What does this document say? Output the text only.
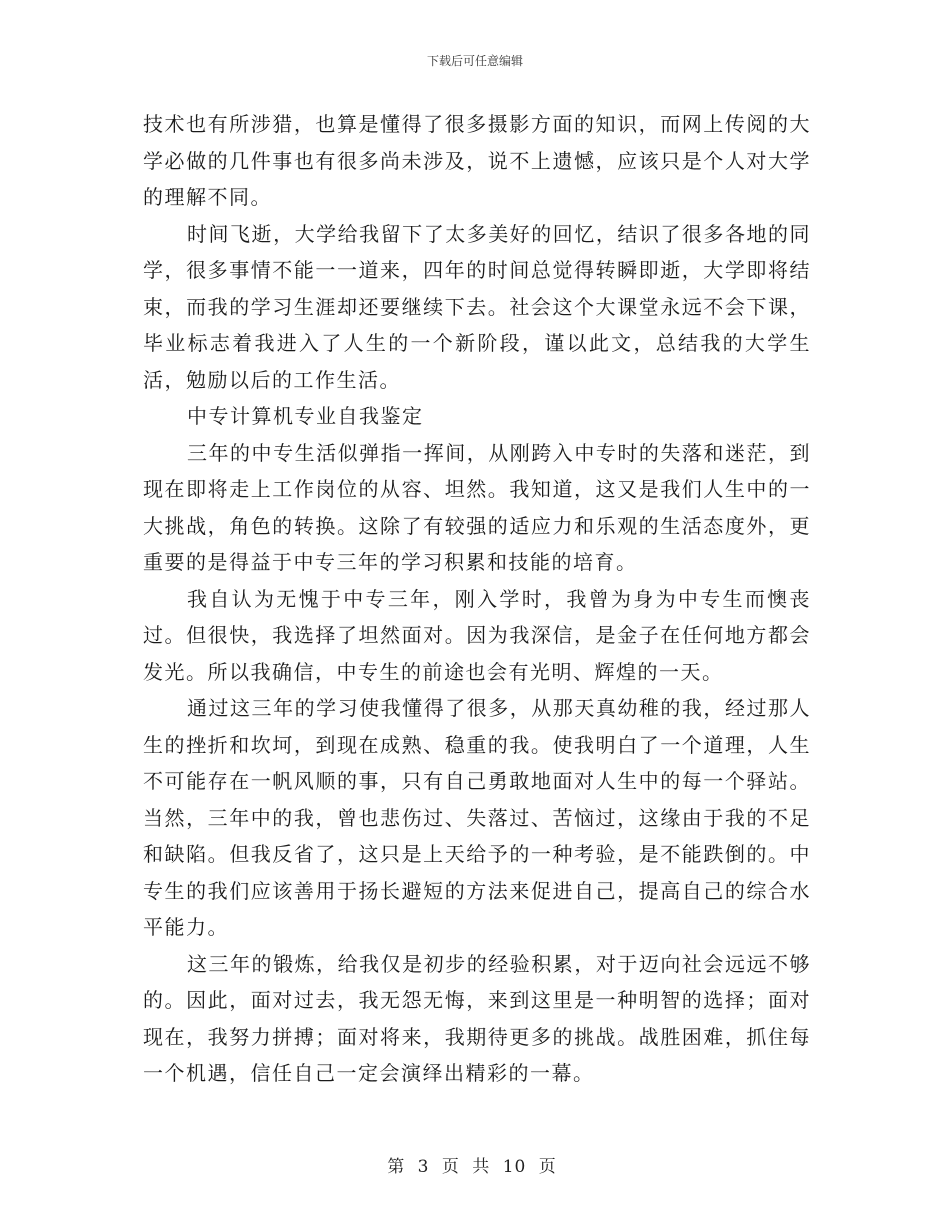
下载后可任意编辑

技术也有所涉猎，也算是懂得了很多摄影方面的知识，而网上传阅的大学必做的几件事也有很多尚未涉及，说不上遗憾，应该只是个人对大学的理解不同。

时间飞逝，大学给我留下了太多美好的回忆，结识了很多各地的同学，很多事情不能一一道来，四年的时间总觉得转瞬即逝，大学即将结束，而我的学习生涯却还要继续下去。社会这个大课堂永远不会下课，毕业标志着我进入了人生的一个新阶段，谨以此文，总结我的大学生活，勉励以后的工作生活。

中专计算机专业自我鉴定

三年的中专生活似弹指一挥间，从刚跨入中专时的失落和迷茫，到现在即将走上工作岗位的从容、坦然。我知道，这又是我们人生中的一大挑战，角色的转换。这除了有较强的适应力和乐观的生活态度外，更重要的是得益于中专三年的学习积累和技能的培育。

我自认为无愧于中专三年，刚入学时，我曾为身为中专生而懊丧过。但很快，我选择了坦然面对。因为我深信，是金子在任何地方都会发光。所以我确信，中专生的前途也会有光明、辉煌的一天。

通过这三年的学习使我懂得了很多，从那天真幼稚的我，经过那人生的挫折和坎坷，到现在成熟、稳重的我。使我明白了一个道理，人生不可能存在一帆风顺的事，只有自己勇敢地面对人生中的每一个驿站。当然，三年中的我，曾也悲伤过、失落过、苦恼过，这缘由于我的不足和缺陷。但我反省了，这只是上天给予的一种考验，是不能跌倒的。中专生的我们应该善用于扬长避短的方法来促进自己，提高自己的综合水平能力。

这三年的锻炼，给我仅是初步的经验积累，对于迈向社会远远不够的。因此，面对过去，我无怨无悔，来到这里是一种明智的选择；面对现在，我努力拼搏；面对将来，我期待更多的挑战。战胜困难，抓住每一个机遇，信任自己一定会演绎出精彩的一幕。

第 3 页 共 10 页
